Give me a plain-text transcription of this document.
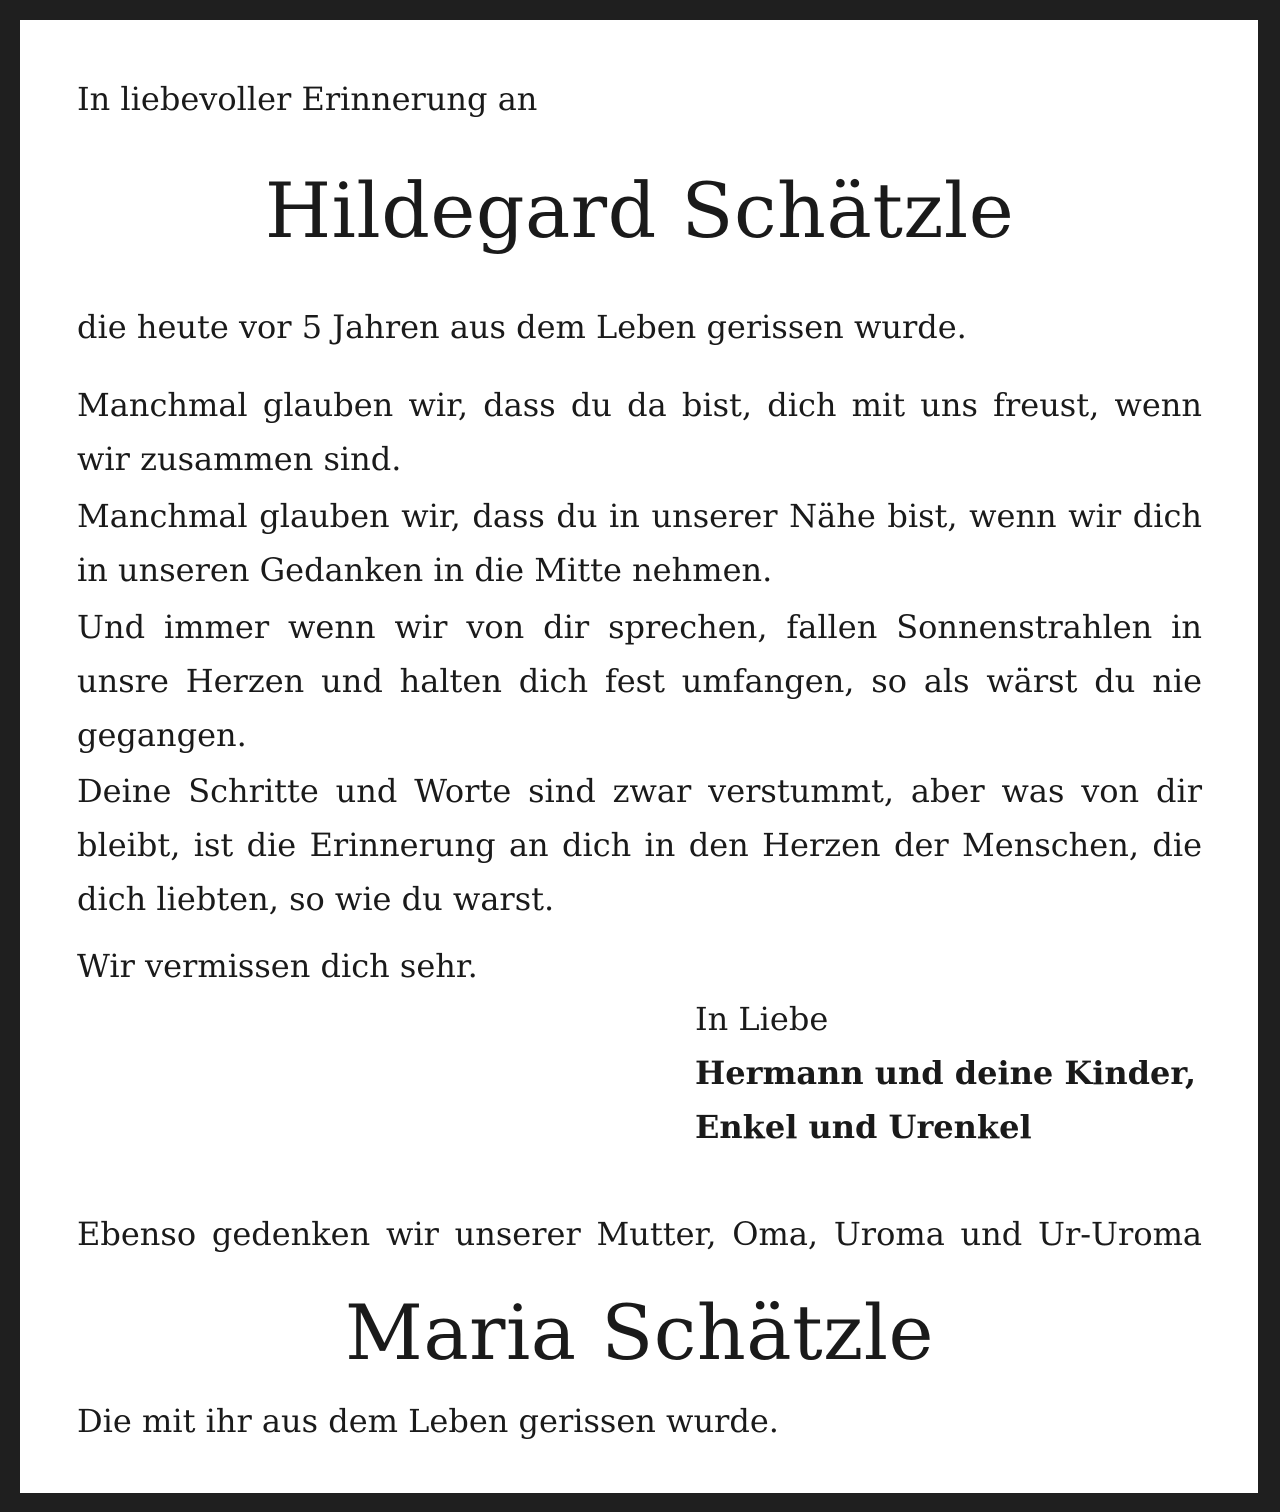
In liebevoller Erinnerung an
Hildegard Schätzle
die heute vor 5 Jahren aus dem Leben gerissen wurde.
Manchmal glauben wir, dass du da bist, dich mit uns freust, wenn wir zusammen sind.
Manchmal glauben wir, dass du in unserer Nähe bist, wenn wir dich in unseren Gedanken in die Mitte nehmen.
Und immer wenn wir von dir sprechen, fallen Sonnenstrahlen in unsre Herzen und halten dich fest umfangen, so als wärst du nie gegangen.
Deine Schritte und Worte sind zwar verstummt, aber was von dir bleibt, ist die Erinnerung an dich in den Herzen der Menschen, die dich liebten, so wie du warst.
Wir vermissen dich sehr.
In Liebe
Hermann und deine Kinder,
Enkel und Urenkel
Ebenso gedenken wir unserer Mutter, Oma, Uroma und Ur-Uroma
Maria Schätzle
Die mit ihr aus dem Leben gerissen wurde.
